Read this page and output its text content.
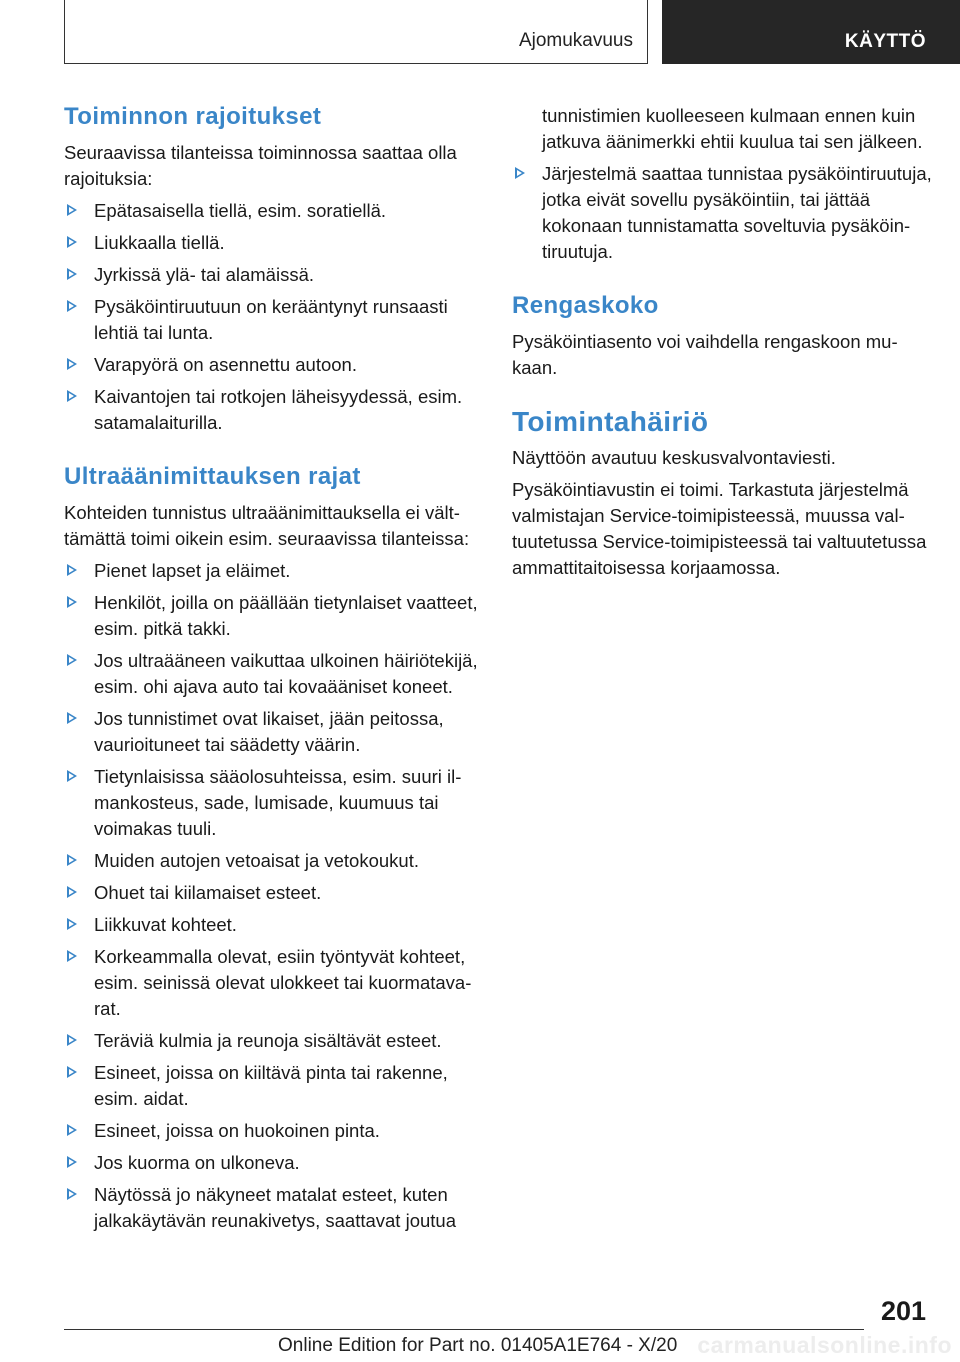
Ajomukavuus	KÄYTTÖ
Toiminnon rajoitukset

Seuraavissa tilanteissa toiminnossa saattaa olla rajoituksia:

Epätasaisella tiellä, esim. soratiellä.
Liukkaalla tiellä.
Jyrkissä ylä- tai alamäissä.
Pysäköintiruutuun on kerääntynyt runsaasti lehtiä tai lunta.
Varapyörä on asennettu autoon.
Kaivantojen tai rotkojen läheisyydessä, esim. satamalaiturilla.
Ultraäänimittauksen rajat

Kohteiden tunnistus ultraäänimittauksella ei välttämättä toimi oikein esim. seuraavissa tilanteissa:

Pienet lapset ja eläimet.
Henkilöt, joilla on päällään tietynlaiset vaatteet, esim. pitkä takki.
Jos ultraääneen vaikuttaa ulkoinen häiriötekijä, esim. ohi ajava auto tai kovaääniset koneet.
Jos tunnistimet ovat likaiset, jään peitossa, vaurioituneet tai säädetty väärin.
Tietynlaisissa sääolosuhteissa, esim. suuri ilmankosteus, sade, lumisade, kuumuus tai voimakas tuuli.
Muiden autojen vetoaisat ja vetokoukut.
Ohuet tai kiilamaiset esteet.
Liikkuvat kohteet.
Korkeammalla olevat, esiin työntyvät kohteet, esim. seinissä olevat ulokkeet tai kuormatavarat.
Teräviä kulmia ja reunoja sisältävät esteet.
Esineet, joissa on kiiltävä pinta tai rakenne, esim. aidat.
Esineet, joissa on huokoinen pinta.
Jos kuorma on ulkoneva.
Näytössä jo näkyneet matalat esteet, kuten jalkakäytävän reunakivetys, saattavat joutua

tunnistimien kuolleeseen kulmaan ennen kuin jatkuva äänimerkki ehtii kuulua tai sen jälkeen.

Järjestelmä saattaa tunnistaa pysäköintiruutuja, jotka eivät sovellu pysäköintiin, tai jättää kokonaan tunnistamatta soveltuvia pysäköintiruutuja.
Rengaskoko

Pysäköintiasento voi vaihdella rengaskoon mukaan.

Toimintahäiriö

Näyttöön avautuu keskusvalvontaviesti.

Pysäköintiavustin ei toimi. Tarkastuta järjestelmä valmistajan Service-toimipisteessä, muussa valtuutetussa Service-toimipisteessä tai valtuutetussa ammattitaitoisessa korjaamossa.

201
Online Edition for Part no. 01405A1E764 - X/20 carmanualsonline.info
